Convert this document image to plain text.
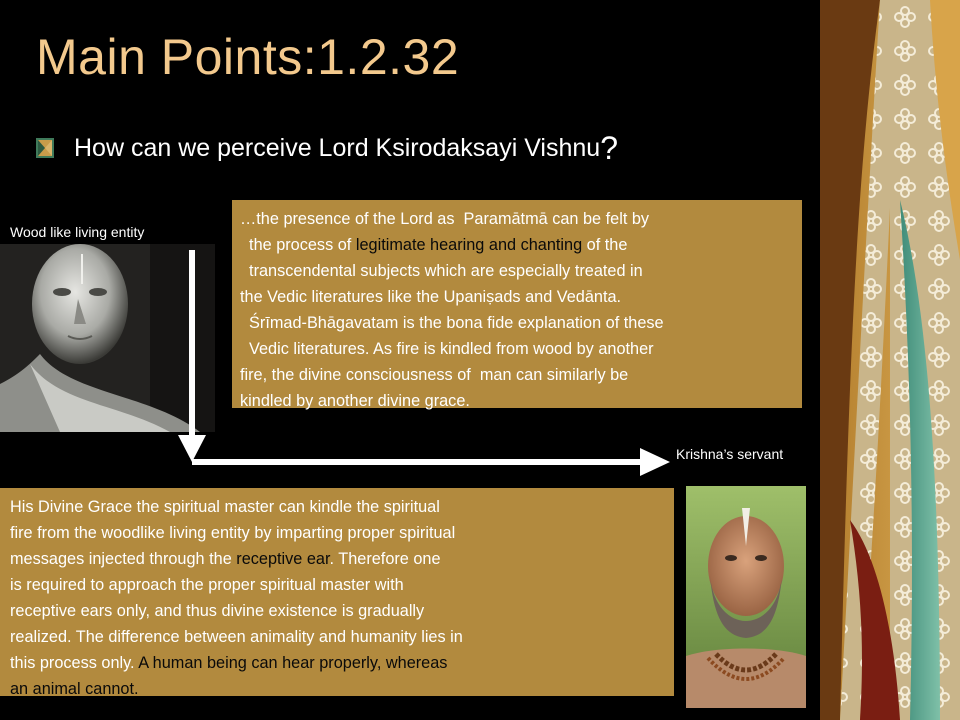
Main Points:1.2.32
How can we perceive Lord Ksirodaksayi Vishnu ?
Wood like living entity
Krishna’s servant
…the presence of the Lord as  Paramātmā can be felt by
the process of legitimate hearing and chanting of the
transcendental subjects which are especially treated in
the Vedic literatures like the Upaniṣads and Vedānta.
Śrīmad-Bhāgavatam is the bona fide explanation of these
Vedic literatures. As fire is kindled from wood by another
fire, the divine consciousness of  man can similarly be
kindled by another divine grace.
His Divine Grace the spiritual master can kindle the spiritual
fire from the woodlike living entity by imparting proper spiritual
messages injected through the receptive ear. Therefore one
is required to approach the proper spiritual master with
receptive ears only, and thus divine existence is gradually
realized. The difference between animality and humanity lies in
this process only. A human being can hear properly, whereas
an animal cannot.
